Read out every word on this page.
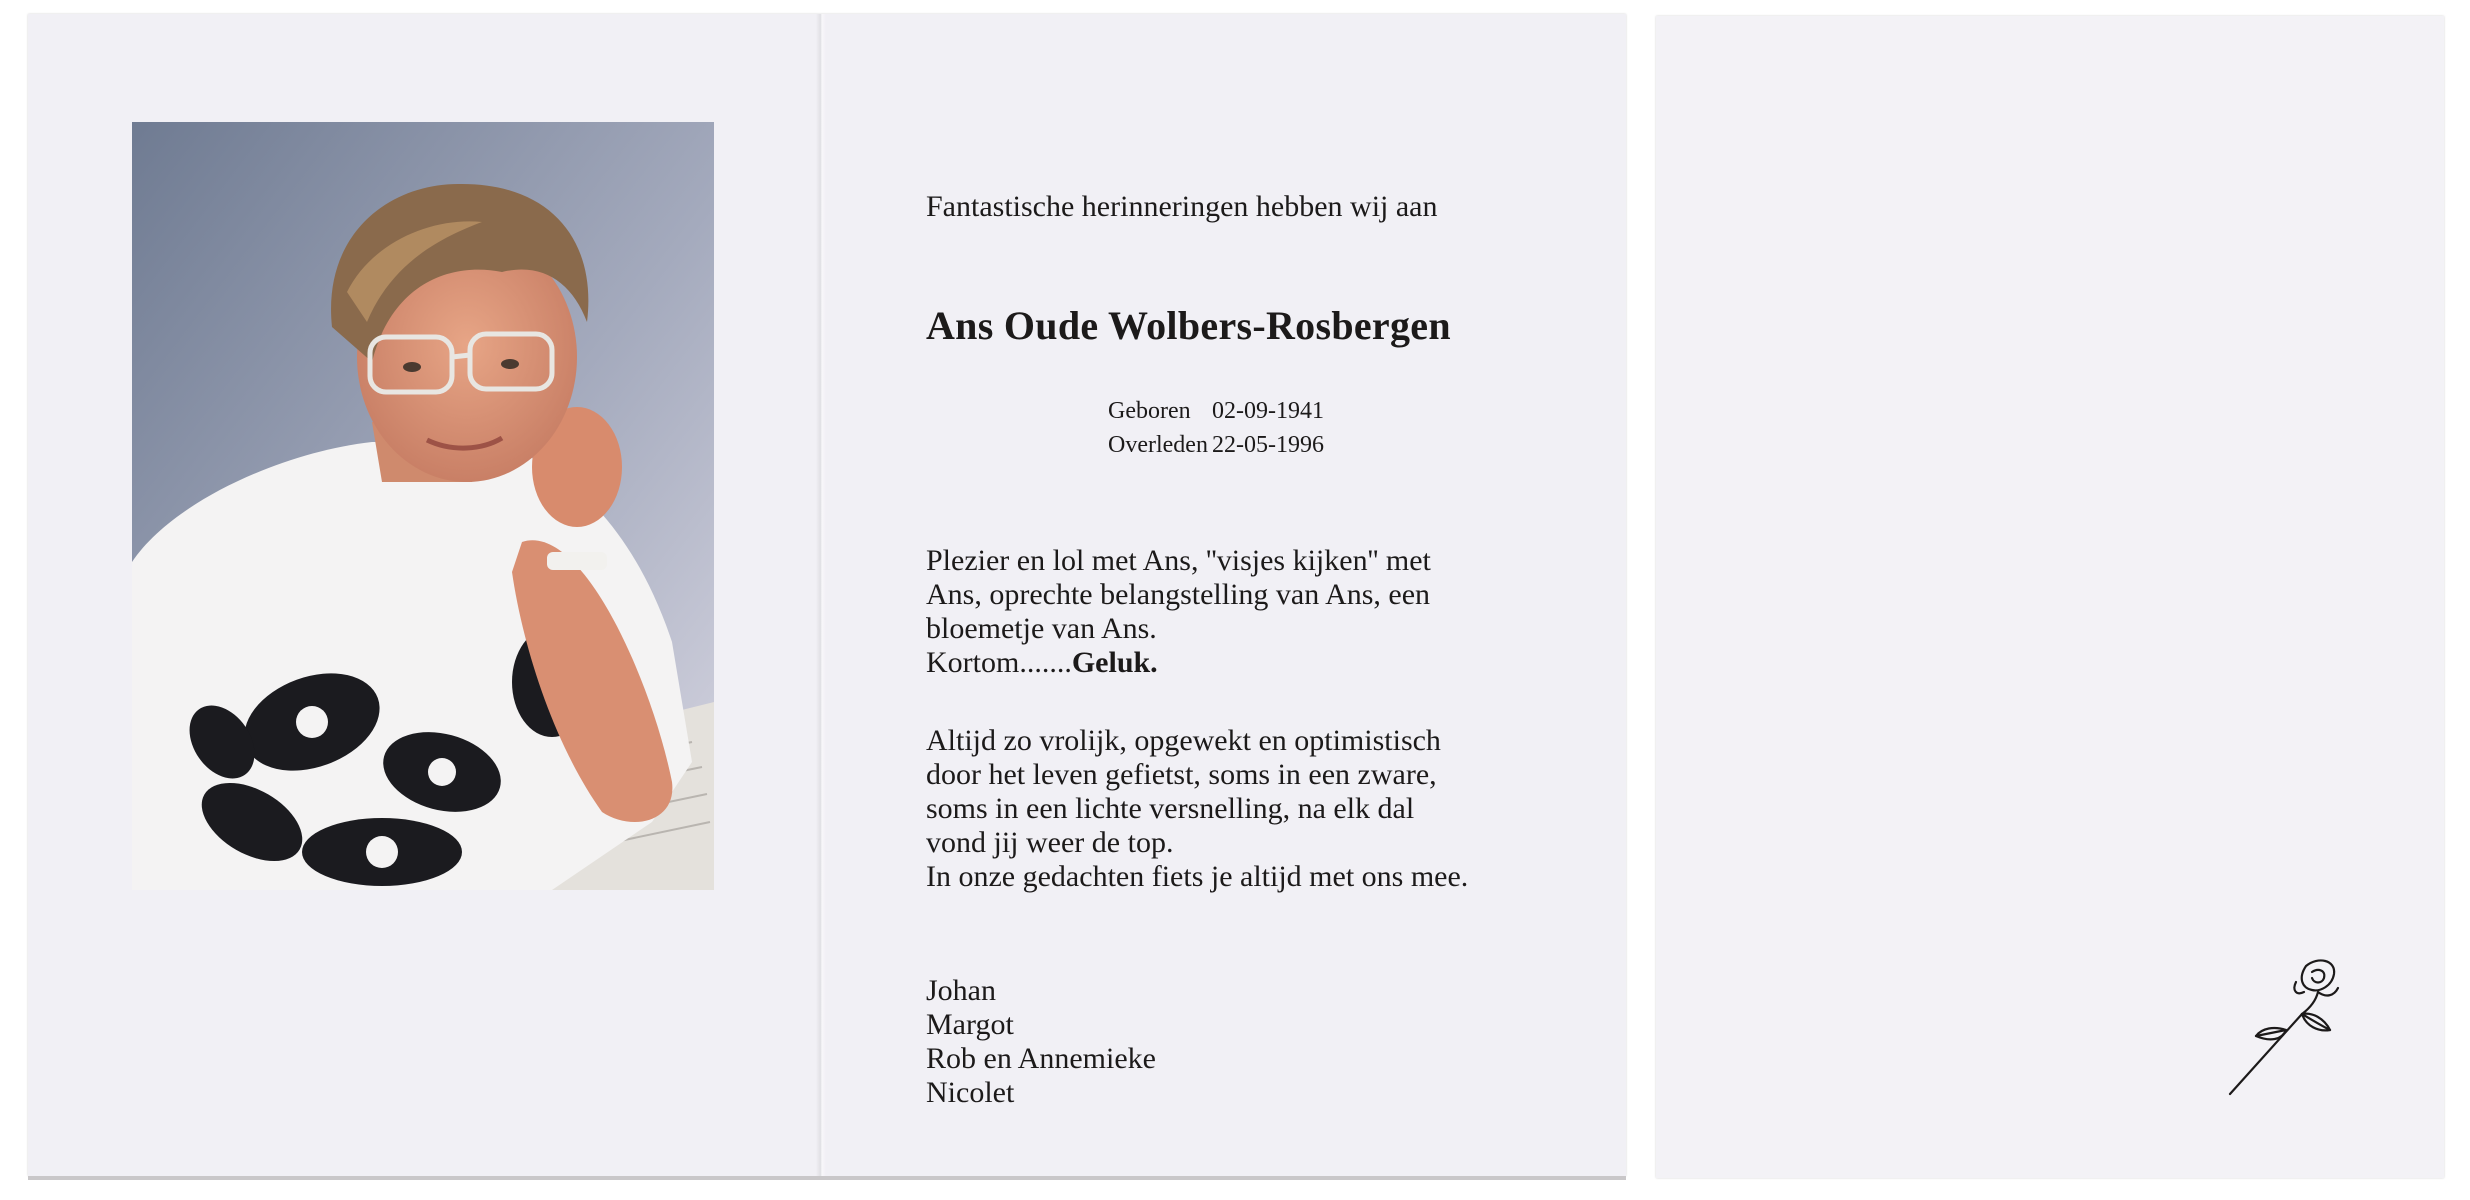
Fantastische herinneringen hebben wij aan
Ans Oude Wolbers-Rosbergen
Geboren 02-09-1941
Overleden 22-05-1996
Plezier en lol met Ans, ''visjes kijken'' met
Ans, oprechte belangstelling van Ans, een
bloemetje van Ans.
Kortom.......Geluk.
Altijd zo vrolijk, opgewekt en optimistisch
door het leven gefietst, soms in een zware,
soms in een lichte versnelling, na elk dal
vond jij weer de top.
In onze gedachten fiets je altijd met ons mee.
Johan
Margot
Rob en Annemieke
Nicolet
